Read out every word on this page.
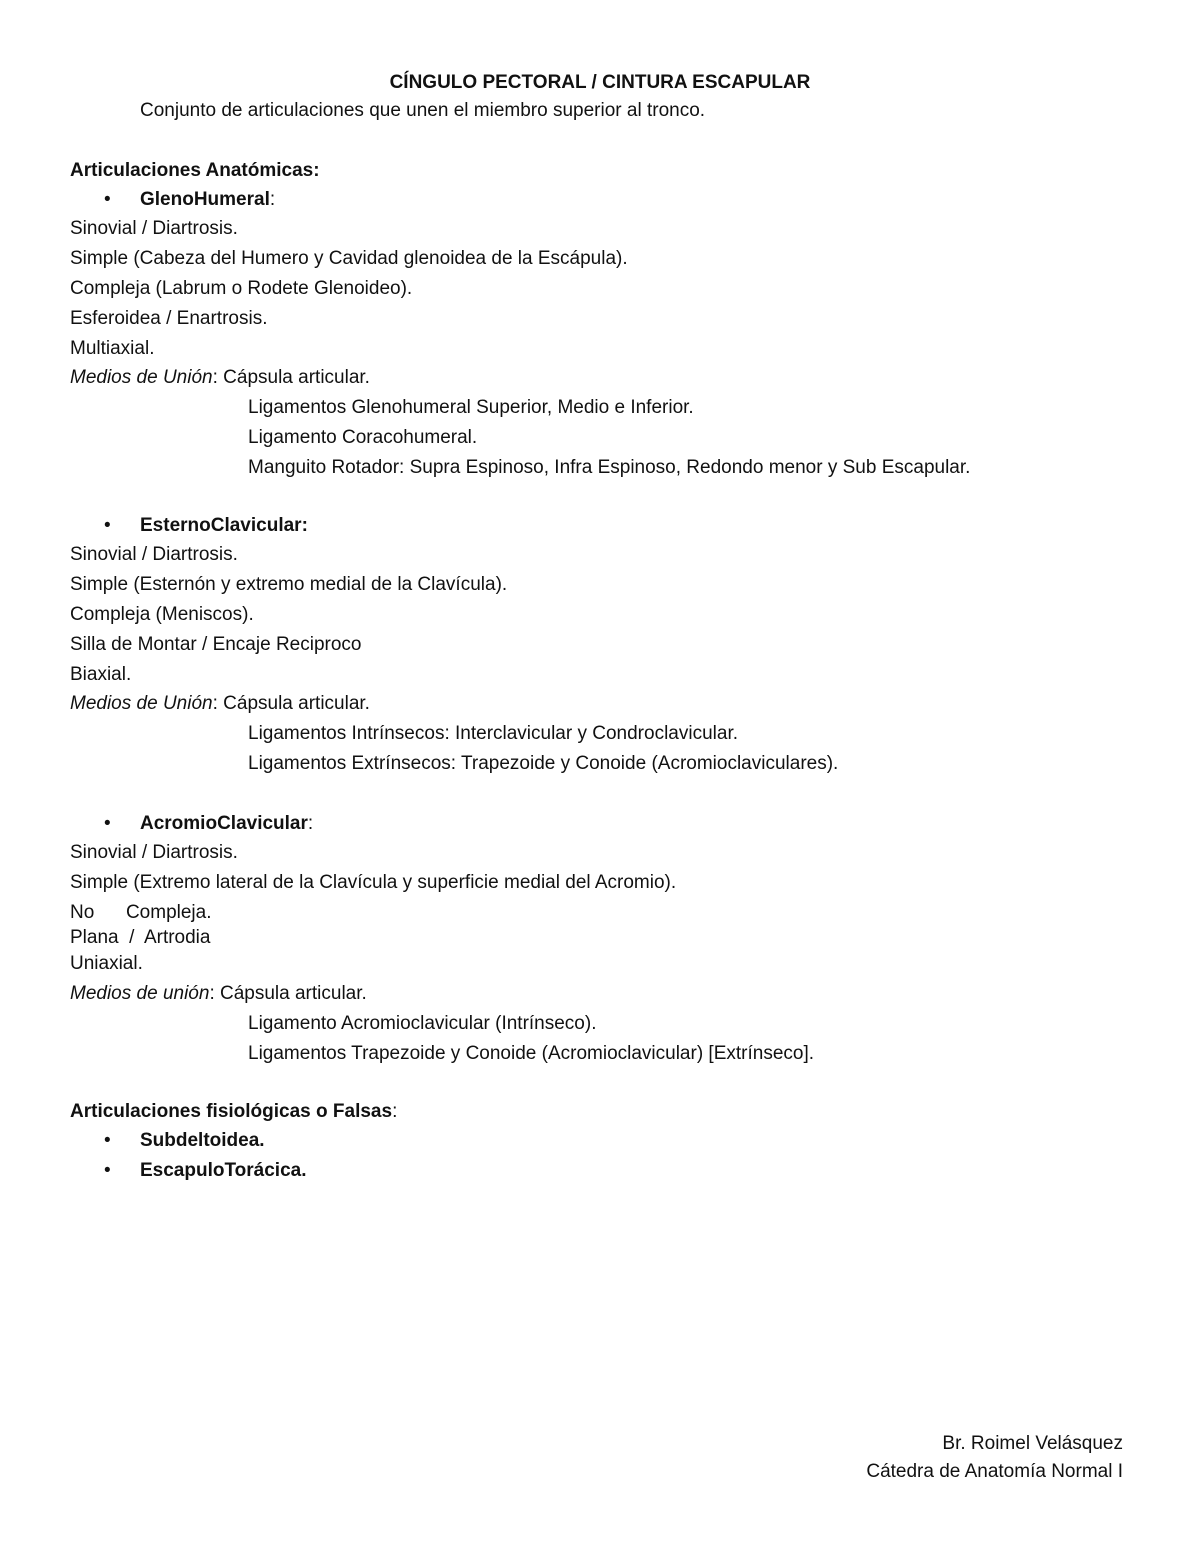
CÍNGULO PECTORAL / CINTURA ESCAPULAR
Conjunto de articulaciones que unen el miembro superior al tronco.
Articulaciones Anatómicas:
• GlenoHumeral:
Sinovial / Diartrosis.
Simple (Cabeza del Humero y Cavidad glenoidea de la Escápula).
Compleja (Labrum o Rodete Glenoideo).
Esferoidea / Enartrosis.
Multiaxial.
Medios de Unión: Cápsula articular.
Ligamentos Glenohumeral Superior, Medio e Inferior.
Ligamento Coracohumeral.
Manguito Rotador: Supra Espinoso, Infra Espinoso, Redondo menor y Sub Escapular.
• EsternoClavicular:
Sinovial / Diartrosis.
Simple (Esternón y extremo medial de la Clavícula).
Compleja (Meniscos).
Silla de Montar / Encaje Reciproco
Biaxial.
Medios de Unión: Cápsula articular.
Ligamentos Intrínsecos: Interclavicular y Condroclavicular.
Ligamentos Extrínsecos: Trapezoide y Conoide (Acromioclaviculares).
• AcromioClavicular:
Sinovial / Diartrosis.
Simple (Extremo lateral de la Clavícula y superficie medial del Acromio).
No      Compleja.
Plana  /  Artrodia
Uniaxial.
Medios de unión: Cápsula articular.
Ligamento Acromioclavicular (Intrínseco).
Ligamentos Trapezoide y Conoide (Acromioclavicular) [Extrínseco].
Articulaciones fisiológicas o Falsas:
• Subdeltoidea.
• EscapuloTorácica.
Br. Roimel Velásquez
Cátedra de Anatomía Normal I
